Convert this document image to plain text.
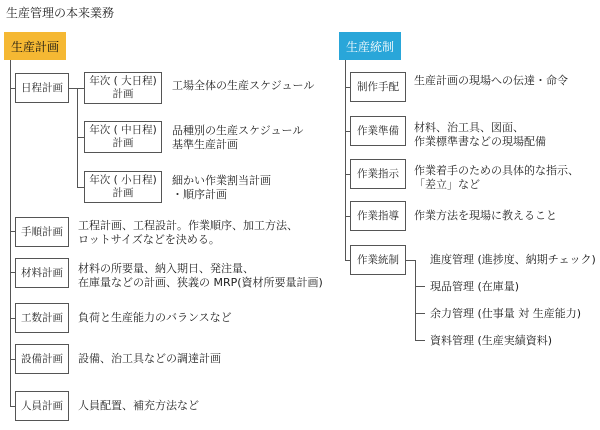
生産管理の本来業務
生産計画
日程計画
年次 ( 大日程)
計画
工場全体の生産スケジュール
年次 ( 中日程)
計画
品種別の生産スケジュール
基準生産計画
年次 ( 小日程)
計画
細かい作業割当計画
・順序計画
手順計画 工程計画、工程設計。作業順序、加工方法、
ロットサイズなどを決める。
材料計画 材料の所要量、納入期日、発注量、
在庫量などの計画、狭義の MRP(資材所要量計画)
工数計画 負荷と生産能力のバランスなど
設備計画 設備、治工具などの調達計画
人員計画 人員配置、補充方法など
生産統制
制作手配 生産計画の現場への伝達・命令
作業準備 材料、治工具、図面、
作業標準書などの現場配備
作業指示 作業着手のための具体的な指示、
「差立」など
作業指導 作業方法を現場に教えること
作業統制	進度管理 (進捗度、納期チェック)
現品管理 (在庫量)
余力管理 (仕事量 対 生産能力)
資料管理 (生産実績資料)
